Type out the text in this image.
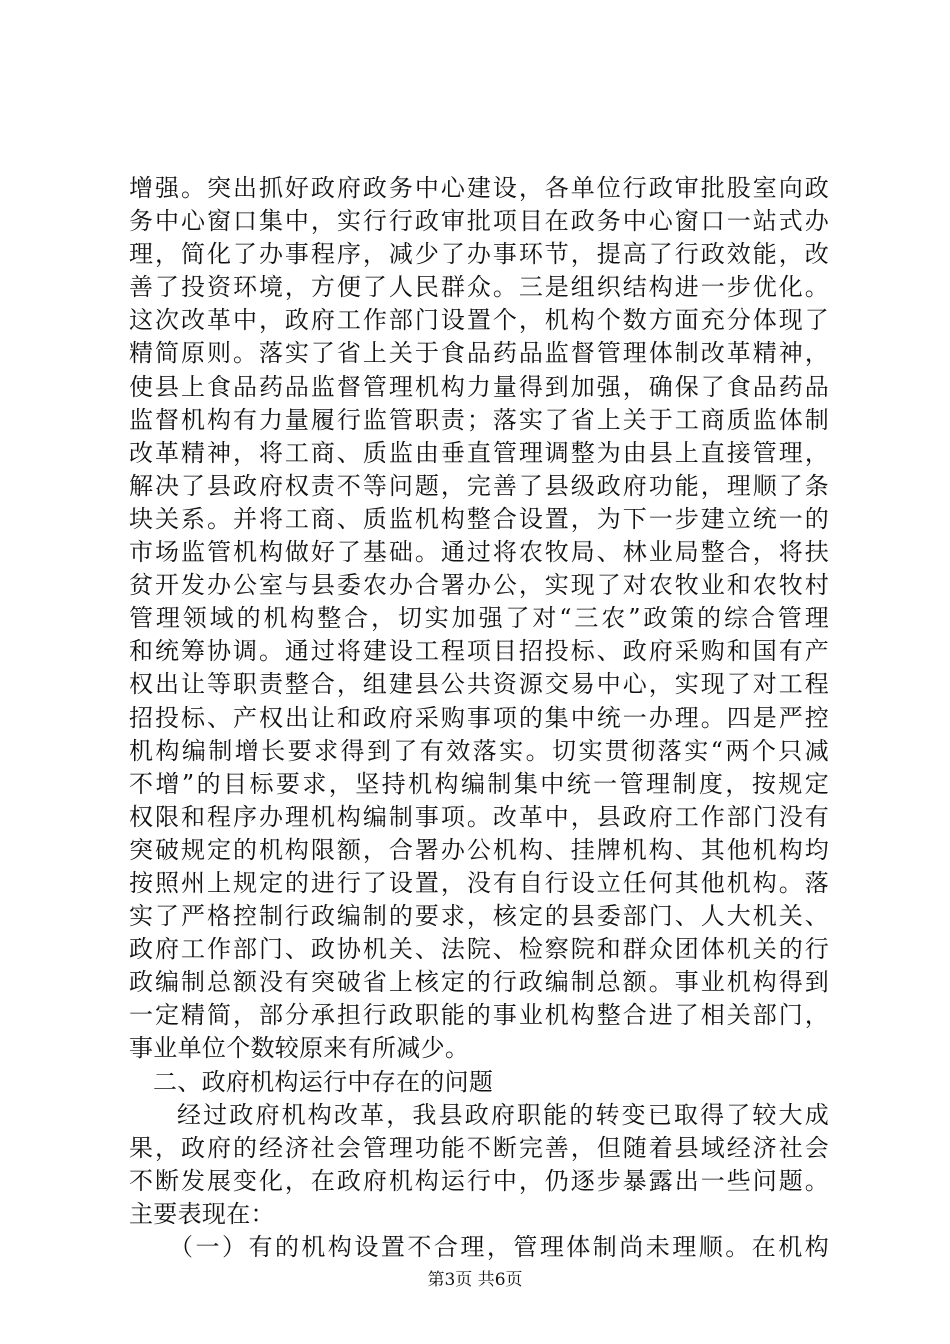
增强。突出抓好政府政务中心建设，各单位行政审批股室向政
务中心窗口集中，实行行政审批项目在政务中心窗口一站式办
理，简化了办事程序，减少了办事环节，提高了行政效能，改
善了投资环境，方便了人民群众。三是组织结构进一步优化。
这次改革中，政府工作部门设置个，机构个数方面充分体现了
精简原则。落实了省上关于食品药品监督管理体制改革精神，
使县上食品药品监督管理机构力量得到加强，确保了食品药品
监督机构有力量履行监管职责；落实了省上关于工商质监体制
改革精神，将工商、质监由垂直管理调整为由县上直接管理，
解决了县政府权责不等问题，完善了县级政府功能，理顺了条
块关系。并将工商、质监机构整合设置，为下一步建立统一的
市场监管机构做好了基础。通过将农牧局、林业局整合，将扶
贫开发办公室与县委农办合署办公，实现了对农牧业和农牧村
管理领域的机构整合，切实加强了对“三农”政策的综合管理
和统筹协调。通过将建设工程项目招投标、政府采购和国有产
权出让等职责整合，组建县公共资源交易中心，实现了对工程
招投标、产权出让和政府采购事项的集中统一办理。四是严控
机构编制增长要求得到了有效落实。切实贯彻落实“两个只减
不增”的目标要求，坚持机构编制集中统一管理制度，按规定
权限和程序办理机构编制事项。改革中，县政府工作部门没有
突破规定的机构限额，合署办公机构、挂牌机构、其他机构均
按照州上规定的进行了设置，没有自行设立任何其他机构。落
实了严格控制行政编制的要求，核定的县委部门、人大机关、
政府工作部门、政协机关、法院、检察院和群众团体机关的行
政编制总额没有突破省上核定的行政编制总额。事业机构得到
一定精简，部分承担行政职能的事业机构整合进了相关部门，
事业单位个数较原来有所减少。
二、政府机构运行中存在的问题
经过政府机构改革，我县政府职能的转变已取得了较大成
果，政府的经济社会管理功能不断完善，但随着县域经济社会
不断发展变化，在政府机构运行中，仍逐步暴露出一些问题。
主要表现在：
（一）有的机构设置不合理，管理体制尚未理顺。在机构
第3页 共6页
